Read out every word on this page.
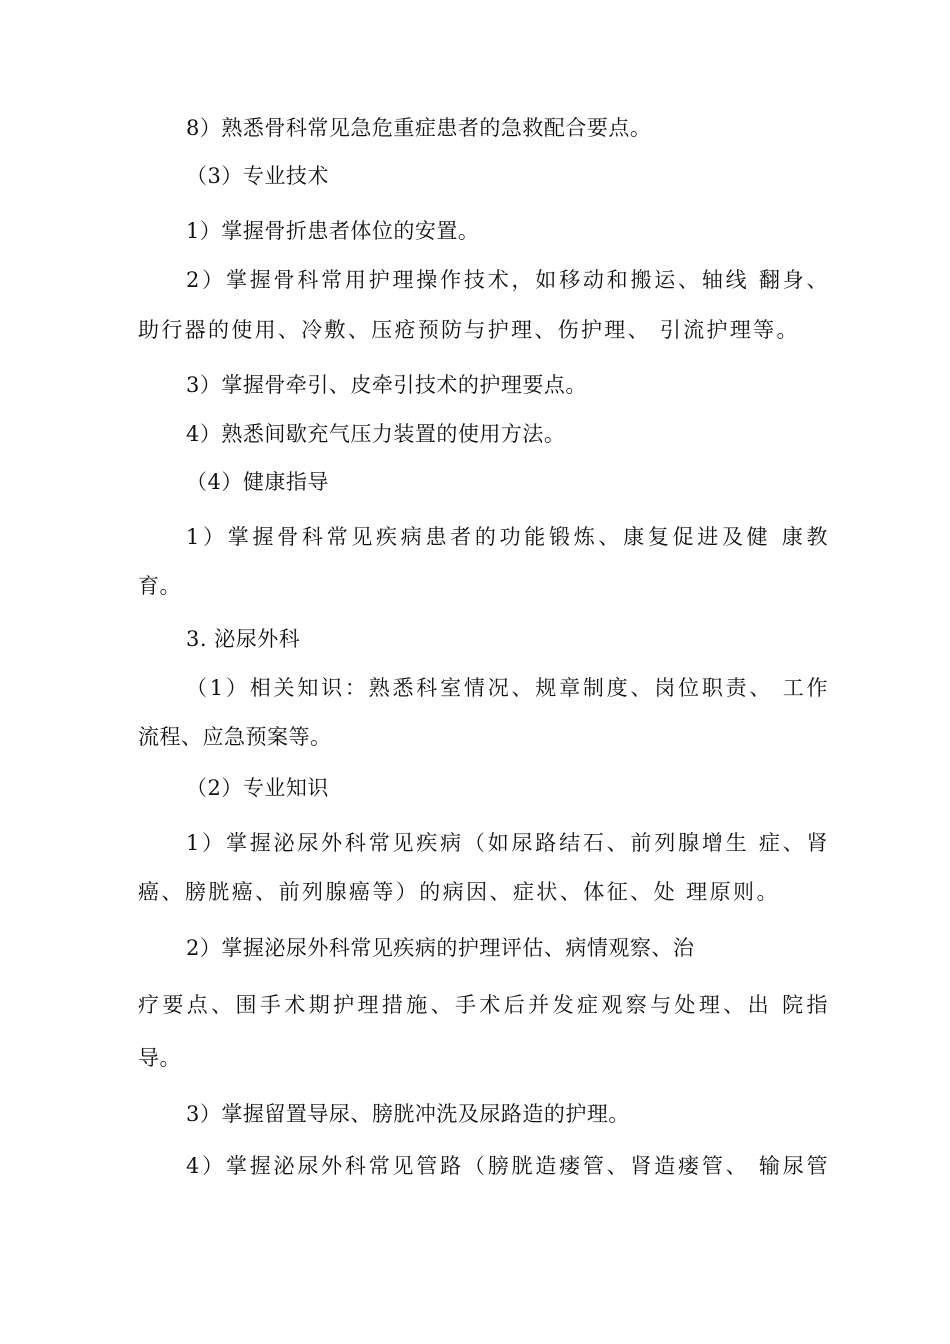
8）熟悉骨科常见急危重症患者的急救配合要点。
（3）专业技术
1）掌握骨折患者体位的安置。
2）掌握骨科常用护理操作技术，如移动和搬运、轴线 翻身、
助行器的使用、冷敷、压疮预防与护理、伤护理、 引流护理等。
3）掌握骨牵引、皮牵引技术的护理要点。
4）熟悉间歇充气压力装置的使用方法。
（4）健康指导
1）掌握骨科常见疾病患者的功能锻炼、康复促进及健 康教
育。
3. 泌尿外科
（1）相关知识：熟悉科室情况、规章制度、岗位职责、 工作
流程、应急预案等。
（2）专业知识
1）掌握泌尿外科常见疾病（如尿路结石、前列腺增生 症、肾
癌、膀胱癌、前列腺癌等）的病因、症状、体征、处 理原则。
2）掌握泌尿外科常见疾病的护理评估、病情观察、治
疗要点、围手术期护理措施、手术后并发症观察与处理、出 院指
导。
3）掌握留置导尿、膀胱冲洗及尿路造的护理。
4）掌握泌尿外科常见管路（膀胱造瘘管、肾造瘘管、 输尿管
